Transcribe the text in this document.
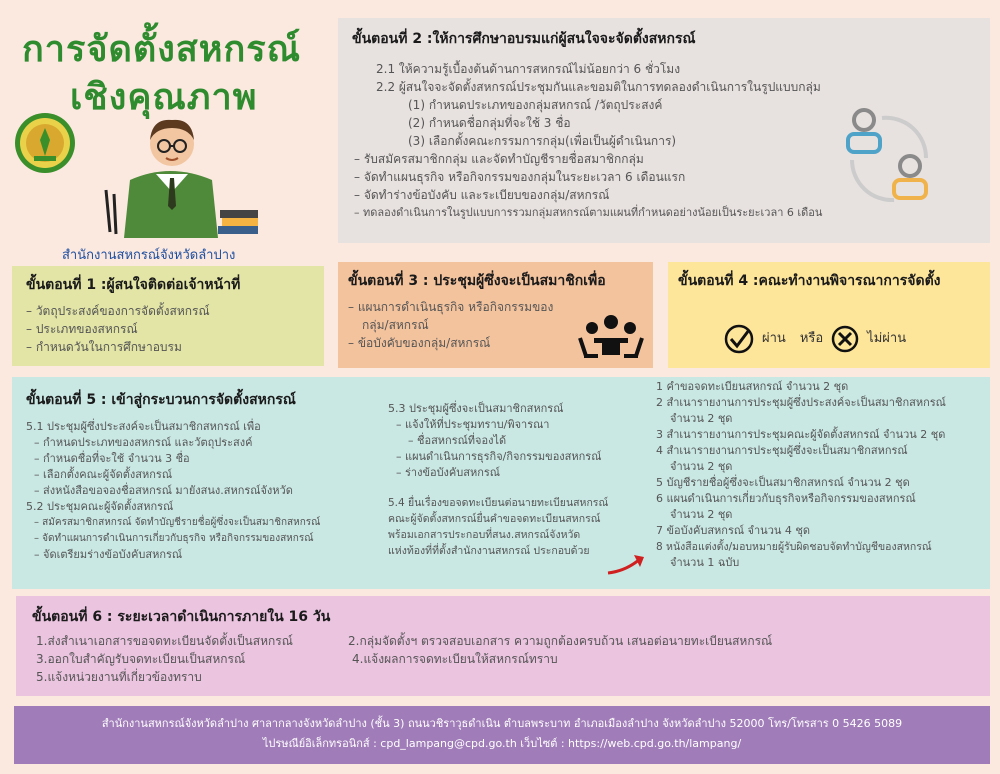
การจัดตั้งสหกรณ์
เชิงคุณภาพ
สำนักงานสหกรณ์จังหวัดลำปาง
ขั้นตอนที่ 2 :ให้การศึกษาอบรมแก่ผู้สนใจจะจัดตั้งสหกรณ์
2.1 ให้ความรู้เบื้องต้นด้านการสหกรณ์ไม่น้อยกว่า 6 ชั่วโมง
2.2 ผู้สนใจจะจัดตั้งสหกรณ์ประชุมกันและขอมติในการทดลองดำเนินการในรูปแบบกลุ่ม
(1) กำหนดประเภทของกลุ่มสหกรณ์ /วัตถุประสงค์
(2) กำหนดชื่อกลุ่มที่จะใช้ 3 ชื่อ
(3) เลือกตั้งคณะกรรมการกลุ่ม(เพื่อเป็นผู้ดำเนินการ)
– รับสมัครสมาชิกกลุ่ม และจัดทำบัญชีรายชื่อสมาชิกกลุ่ม
– จัดทำแผนธุรกิจ หรือกิจกรรมของกลุ่มในระยะเวลา 6 เดือนแรก
– จัดทำร่างข้อบังคับ และระเบียบของกลุ่ม/สหกรณ์
– ทดลองดำเนินการในรูปแบบการรวมกลุ่มสหกรณ์ตามแผนที่กำหนดอย่างน้อยเป็นระยะเวลา 6 เดือน
ขั้นตอนที่ 1 :ผู้สนใจติดต่อเจ้าหน้าที่
– วัตถุประสงค์ของการจัดตั้งสหกรณ์
– ประเภทของสหกรณ์
– กำหนดวันในการศึกษาอบรม
ขั้นตอนที่ 3 : ประชุมผู้ซึ่งจะเป็นสมาชิกเพื่อ
– แผนการดำเนินธุรกิจ หรือกิจกรรมของ
กลุ่ม/สหกรณ์
– ข้อบังคับของกลุ่ม/สหกรณ์
ขั้นตอนที่ 4 :คณะทำงานพิจารณาการจัดตั้ง
ผ่าน หรือ	ไม่ผ่าน
ขั้นตอนที่ 5 : เข้าสู่กระบวนการจัดตั้งสหกรณ์
5.1 ประชุมผู้ซึ่งประสงค์จะเป็นสมาชิกสหกรณ์ เพื่อ
– กำหนดประเภทของสหกรณ์ และวัตถุประสงค์
– กำหนดชื่อที่จะใช้ จำนวน 3 ชื่อ
– เลือกตั้งคณะผู้จัดตั้งสหกรณ์
– ส่งหนังสือขอจองชื่อสหกรณ์ มายังสนง.สหกรณ์จังหวัด
5.2 ประชุมคณะผู้จัดตั้งสหกรณ์
– สมัครสมาชิกสหกรณ์ จัดทำบัญชีรายชื่อผู้ซึ่งจะเป็นสมาชิกสหกรณ์
– จัดทำแผนการดำเนินการเกี่ยวกับธุรกิจ หรือกิจกรรมของสหกรณ์
– จัดเตรียมร่างข้อบังคับสหกรณ์
5.3 ประชุมผู้ซึ่งจะเป็นสมาชิกสหกรณ์
– แจ้งให้ที่ประชุมทราบ/พิจารณา
– ชื่อสหกรณ์ที่จองได้
– แผนดำเนินการธุรกิจ/กิจกรรมของสหกรณ์
– ร่างข้อบังคับสหกรณ์
5.4 ยื่นเรื่องขอจดทะเบียนต่อนายทะเบียนสหกรณ์
คณะผู้จัดตั้งสหกรณ์ยื่นคำขอจดทะเบียนสหกรณ์
พร้อมเอกสารประกอบที่สนง.สหกรณ์จังหวัด
แห่งท้องที่ที่ตั้งสำนักงานสหกรณ์ ประกอบด้วย
1 คำขอจดทะเบียนสหกรณ์ จำนวน 2 ชุด
2 สำเนารายงานการประชุมผู้ซึ่งประสงค์จะเป็นสมาชิกสหกรณ์
จำนวน 2 ชุด
3 สำเนารายงานการประชุมคณะผู้จัดตั้งสหกรณ์ จำนวน 2 ชุด
4 สำเนารายงานการประชุมผู้ซึ่งจะเป็นสมาชิกสหกรณ์
จำนวน 2 ชุด
5 บัญชีรายชื่อผู้ซึ่งจะเป็นสมาชิกสหกรณ์ จำนวน 2 ชุด
6 แผนดำเนินการเกี่ยวกับธุรกิจหรือกิจกรรมของสหกรณ์
จำนวน 2 ชุด
7 ข้อบังคับสหกรณ์ จำนวน 4 ชุด
8 หนังสือแต่งตั้ง/มอบหมายผู้รับผิดชอบจัดทำบัญชีของสหกรณ์
จำนวน 1 ฉบับ
ขั้นตอนที่ 6 : ระยะเวลาดำเนินการภายใน 16 วัน
1.ส่งสำเนาเอกสารขอจดทะเบียนจัดตั้งเป็นสหกรณ์
3.ออกใบสำคัญรับจดทะเบียนเป็นสหกรณ์
5.แจ้งหน่วยงานที่เกี่ยวข้องทราบ
2.กลุ่มจัดตั้งฯ ตรวจสอบเอกสาร ความถูกต้องครบถ้วน เสนอต่อนายทะเบียนสหกรณ์
4.แจ้งผลการจดทะเบียนให้สหกรณ์ทราบ
สำนักงานสหกรณ์จังหวัดลำปาง ศาลากลางจังหวัดลำปาง (ชั้น 3) ถนนวชิราวุธดำเนิน ตำบลพระบาท อำเภอเมืองลำปาง จังหวัดลำปาง 52000 โทร/โทรสาร 0 5426 5089
ไปรษณีย์อิเล็กทรอนิกส์ : cpd_lampang@cpd.go.th เว็บไซต์ : https://web.cpd.go.th/lampang/
